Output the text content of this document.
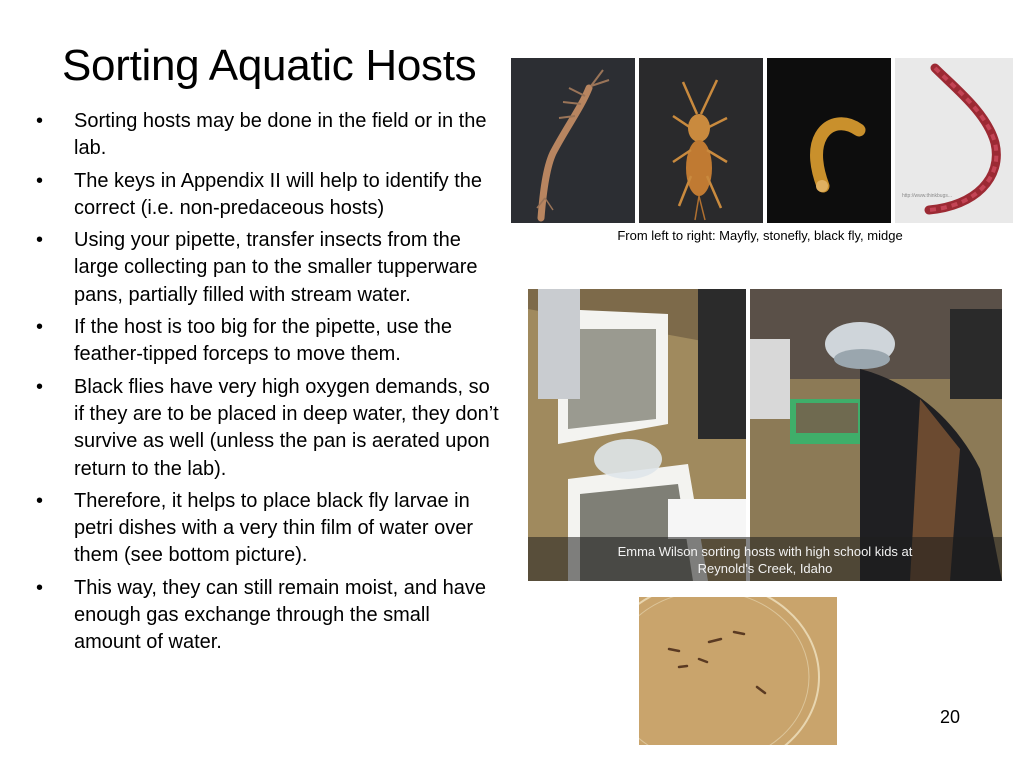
Sorting Aquatic Hosts
• Sorting hosts may be done in the field or in the lab.
• The keys in Appendix II will help to identify the correct (i.e. non-predaceous hosts)
• Using your pipette, transfer insects from the large collecting pan to the smaller tupperware pans, partially filled with stream water.
• If the host is too big for the pipette, use the feather-tipped forceps to move them.
• Black flies have very high oxygen demands, so if they are to be placed in deep water, they don’t survive as well (unless the pan is aerated upon return to the lab).
• Therefore, it helps to place black fly larvae in petri dishes with a very thin film of water over them (see bottom picture).
• This way, they can still remain moist, and have enough gas exchange through the small amount of water.
http://www.thinkbugs...
From left to right: Mayfly, stonefly, black fly, midge
Emma Wilson sorting hosts with high school kids at
Reynold's Creek, Idaho
20
